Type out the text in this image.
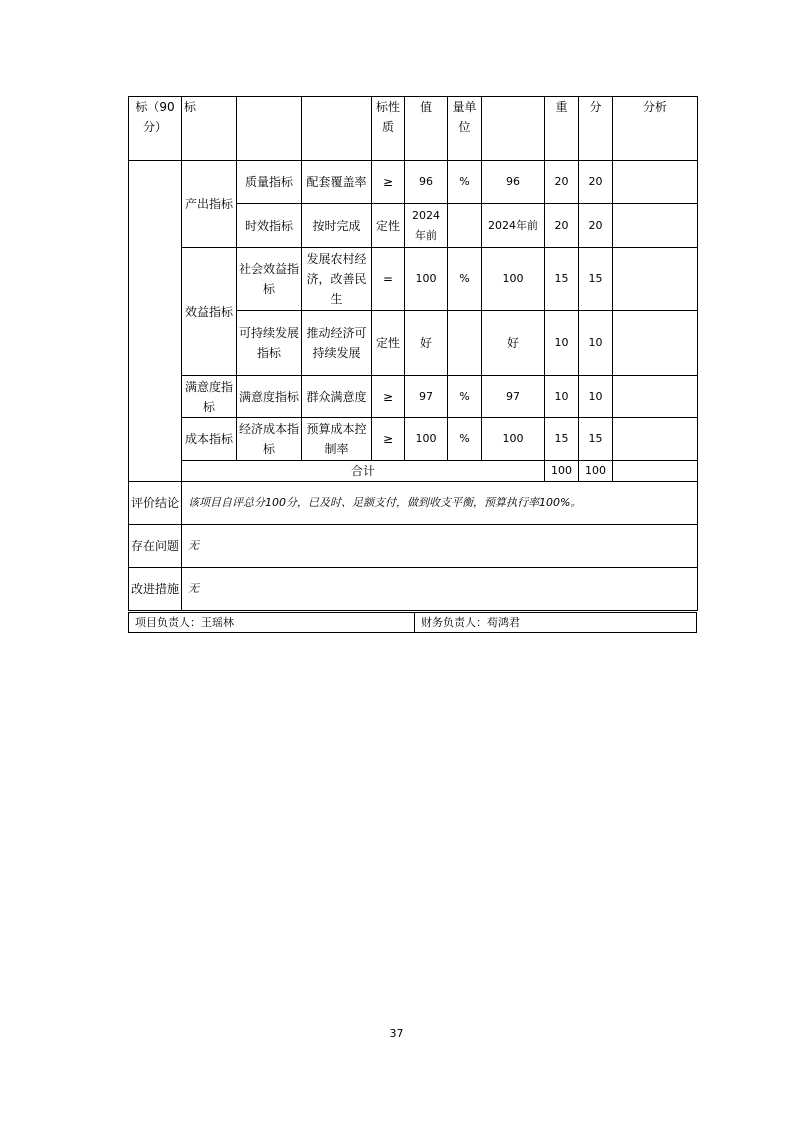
标（90分）	标			标性质	值	量单位		重	分	分析
	产出指标	质量指标	配套覆盖率	≥	96	%	96	20	20	
		时效指标	按时完成	定性	2024年前		2024年前	20	20	
	效益指标	社会效益指标	发展农村经济，改善民生	=	100	%	100	15	15	
		可持续发展指标	推动经济可持续发展	定性	好		好	10	10	
	满意度指标	满意度指标	群众满意度	≥	97	%	97	10	10	
	成本指标	经济成本指标	预算成本控制率	≥	100	%	100	15	15	
	合计							100	100	
评价结论	该项目自评总分100分，已及时、足额支付，做到收支平衡，预算执行率100%。									
存在问题	无									
改进措施	无									
项目负责人：王瑶林	财务负责人：苟鸿君
37
